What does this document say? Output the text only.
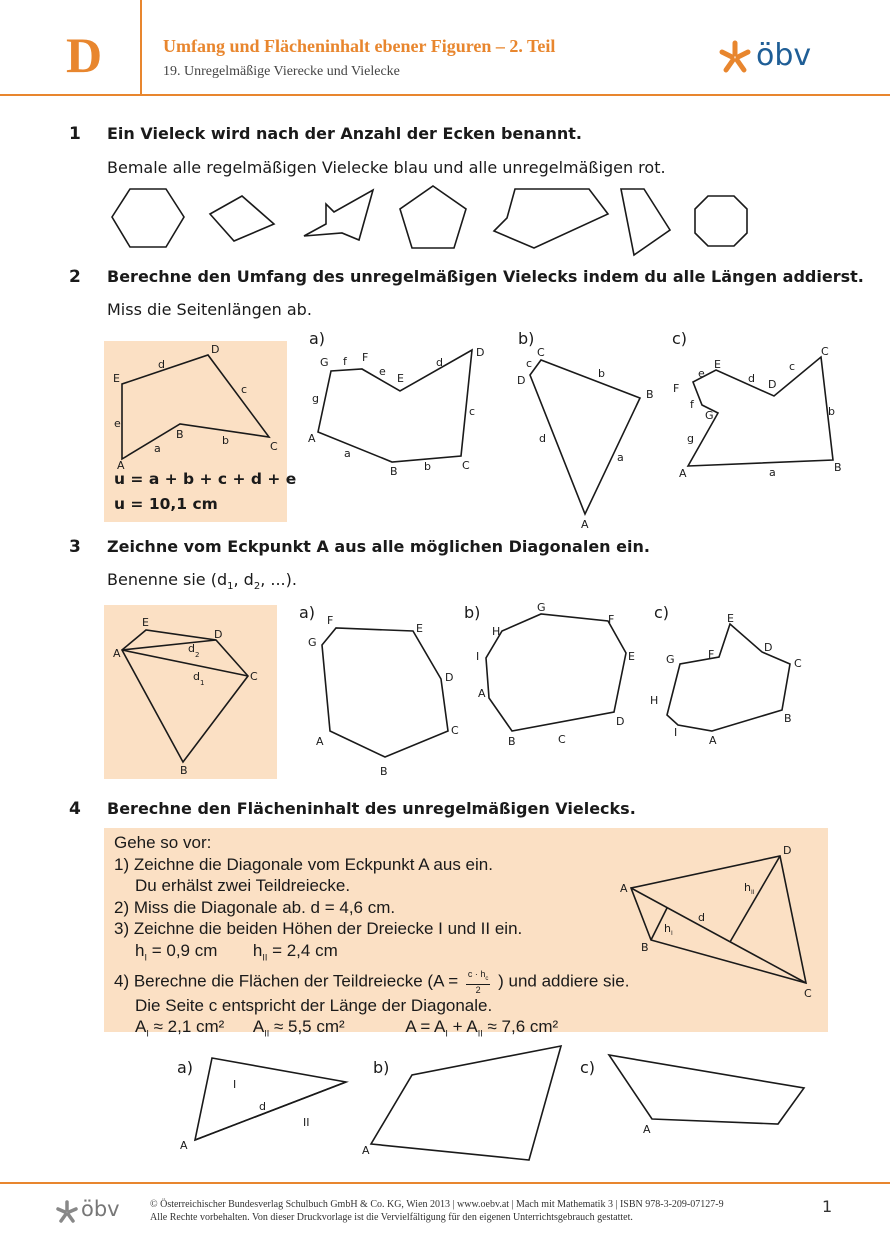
D	Umfang und Flächeninhalt ebener Figuren – 2. Teil
19. Unregelmäßige Vierecke und Vielecke	öbv
1 Ein Vieleck wird nach der Anzahl der Ecken benannt.
Bemale alle regelmäßigen Vielecke blau und alle unregelmäßigen rot.
A
B
C
D
E
a
b
c
d
e
A
B	C
D
E
F
G
a
b
c
d
e
f
g
A
B
C
D
a
b
c
d
A	B
C
D
E
F
G
a
b
c
d
e
f
g
A
B
C
D
E
d 2
d 1
A
B
C
D
E
F
G
A
B	C
D
E
F
G
H
I
A
B
C
D
E
F
G
H
I
A
B
C
D
d
h I
h II
A
I
d
II
A
A
2 Berechne den Umfang des unregelmäßigen Vielecks indem du alle Längen addierst.
Miss die Seitenlängen ab.
u = a + b + c + d + e
u = 10,1 cm
a)	b)	c)
3 Zeichne vom Eckpunkt A aus alle möglichen Diagonalen ein.
Benenne sie ($d_1$, $d_2$, ...).
a)	b)	c)
4 Berechne den Flächeninhalt des unregelmäßigen Vielecks.
Gehe so vor:
1) Zeichne die Diagonale vom Eckpunkt A aus ein.
Du erhälst zwei Teildreiecke.
2) Miss die Diagonale ab. d = 4,6 cm.
3) Zeichne die beiden Höhen der Dreiecke I und II ein.
$h_I = 0,9$ cm $h_{II} = 2,4$ cm
4) Berechne die Flächen der Teildreiecke ($A = \frac{c \cdot h_c}{2}$ ) und addiere sie.
Die Seite c entspricht der Länge der Diagonale.
$A_I \approx 2,1$ cm² $A_{II} \approx 5,5$ cm²	$A = A_I + A_{II} \approx 7,6$ cm²
a)	b)	c)
öbv	© Österreichischer Bundesverlag Schulbuch GmbH & Co. KG, Wien 2013 | www.oebv.at | Mach mit Mathematik 3 | ISBN 978-3-209-07127-9
Alle Rechte vorbehalten. Von dieser Druckvorlage ist die Vervielfältigung für den eigenen Unterrichtsgebrauch gestattet.
1
